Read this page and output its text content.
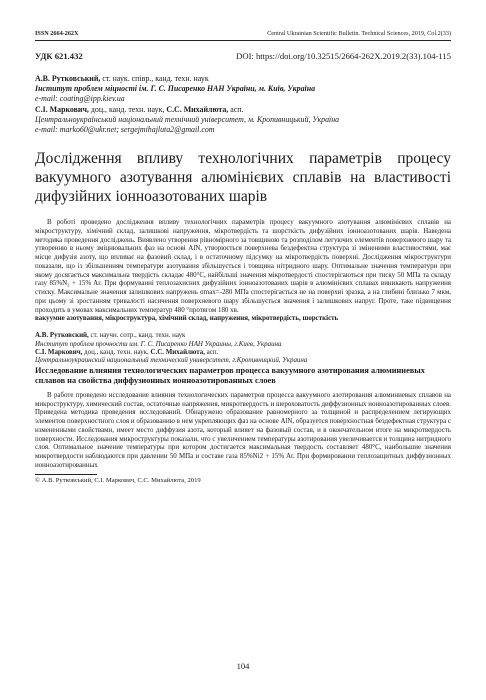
ISSN 2664-262X	Central Ukrainian Scientific Bulletin. Technical Sciences, 2019, Col.2(33)
УДК 621.432	DOI: https://doi.org/10.32515/2664-262X.2019.2(33).104-115

А.В. Рутковський, ст. наук. співр., канд. техн. наук

Інститут проблем міцності ім. Г. С. Писаренко НАН України, м. Київ, Україна

e-mail: coating@ipp.kiev.ua

С.І. Маркович, доц., канд. техн. наук, С.С. Михайлюта, асп.

Центральноукраїнський національний технічний університет, м. Кропивницький, Україна

e-mail: marko60@ukr.net; sergejmihajluta2@gmail.com

Дослідження впливу технологічних параметрів процесу вакуумного азотування алюмінієвих сплавів на властивості дифузійних іонноазотованих шарів

В роботі проведено дослідження впливу технологічних параметрів процесу вакуумного азотування алюмінієвих сплавів на мікроструктуру, хімічний склад, залишкові напруження, мікротвердість та шорсткість дифузійних іонноазотованих шарів. Наведена методика проведення досліджень. Виявлено утворення рівномірного за товщиною та розподілом легуючих елементів поверхневого шару та утворенню в ньому зміцнювальних фаз на основі AlN, утворюється поверхнева бездефектна структура зі зміненими властивостями, має місце дифузія азоту, що впливає на фазовий склад, і в остаточному підсумку на мікротвердість поверхні. Дослідження мікроструктури показали, що із збільшенням температури азотування збільшується і товщина нітридного шару. Оптимальне значення температури при якому досягається максимальна твердість складає 480°С, найбільші значення мікротвердості спостерігаються при тиску 50 МПа та складу газу 85%N₂ + 15% Ar. При формуванні теплозахисних дифузійних іонноазотованих шарів в алюмінієвих сплавах виникають напруження стиску. Максимальне значення залишкових напружень σmax=-280 МПа спостерігається не на поверхні зразка, а на глибині близько 7 мкм, при цьому зі зростанням тривалості насичення поверхневого шару збільшується значення і залишкових напруг. Проте, таке підвищення проходить в умовах максимальних температур 480 °протягом 180 хв.

вакуумне азотування, мікроструктура, хімічний склад, напруження, мікротвердість, шорсткість

А.В. Рутковский, ст. научн. сотр., канд. техн. наук

Институт проблем прочности им. Г. С. Писаренко НАН Украины, г.Киев, Украина

С.І. Маркович, доц., канд. техн. наук, С.С. Михайлюта, асп.

Центральноукраинский национальный технический университет, г.Кропивницкий, Украина

Исследование влияния технологических параметров процесса вакуумного азотирования алюминиевых сплавов на свойства диффузионных ионноазотированных слоев

В работе проведено исследование влияния технологических параметров процесса вакуумного азотирования алюминиевых сплавов на микроструктуру, химический состав, остаточные напряжения, микротвердость и шероховатость диффузионных ионноазотированных слоев. Приведена методика проведения исследований. Обнаружено образование равномерного за толщиной и распределением легирующих элементов поверхностного слоя и образованию в нем укрепляющих фаз на основе AlN, образуется поверхностная бездефектная структура с измененными свойствами, имеет место диффузия азота, который влияет на фазовый состав, и в окончательном итоге на микротвердость поверхности. Исследования микроструктуры показали, что с увеличением температуры азотирования увеличивается и толщина нитридного слоя. Оптимальное значение температуры при котором достигается максимальная твердость составляет 480°С, наибольшие значения микротвердости наблюдаются при давлении 50 МПа и составе газа 85%Ni2 + 15% Ar. При формировании теплозащитных диффузионных ионноазотированных

© А.В. Рутковський, С.І. Маркович, С.С. Михайлюта, 2019
104
